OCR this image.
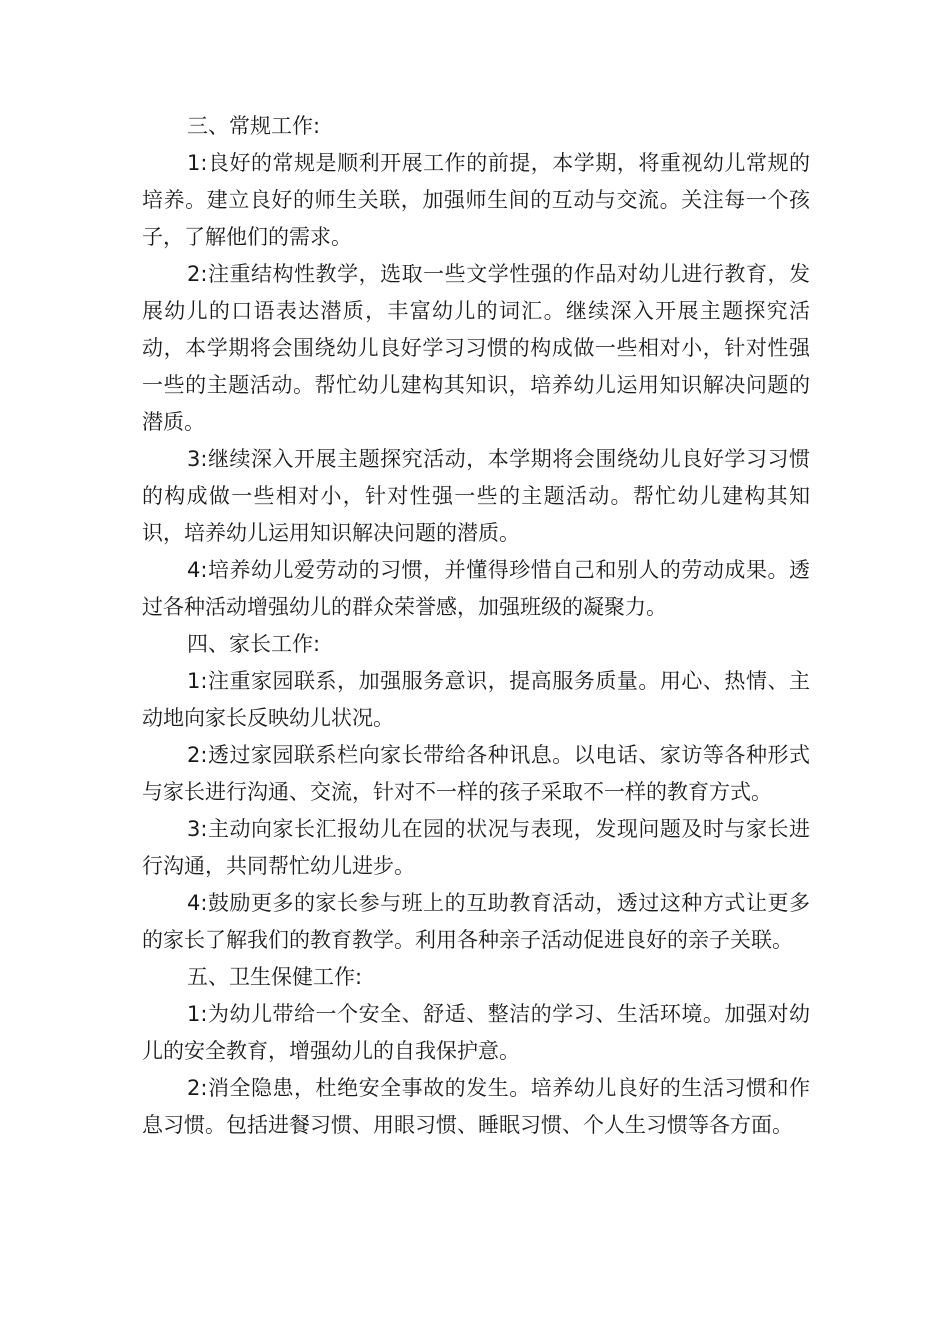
三、常规工作:

1:良好的常规是顺利开展工作的前提，本学期，将重视幼儿常规的培养。建立良好的师生关联，加强师生间的互动与交流。关注每一个孩子，了解他们的需求。

2:注重结构性教学，选取一些文学性强的作品对幼儿进行教育，发展幼儿的口语表达潜质，丰富幼儿的词汇。继续深入开展主题探究活动，本学期将会围绕幼儿良好学习习惯的构成做一些相对小，针对性强一些的主题活动。帮忙幼儿建构其知识，培养幼儿运用知识解决问题的潜质。

3:继续深入开展主题探究活动，本学期将会围绕幼儿良好学习习惯的构成做一些相对小，针对性强一些的主题活动。帮忙幼儿建构其知识，培养幼儿运用知识解决问题的潜质。

4:培养幼儿爱劳动的习惯，并懂得珍惜自己和别人的劳动成果。透过各种活动增强幼儿的群众荣誉感，加强班级的凝聚力。

四、家长工作:

1:注重家园联系，加强服务意识，提高服务质量。用心、热情、主动地向家长反映幼儿状况。

2:透过家园联系栏向家长带给各种讯息。以电话、家访等各种形式与家长进行沟通、交流，针对不一样的孩子采取不一样的教育方式。

3:主动向家长汇报幼儿在园的状况与表现，发现问题及时与家长进行沟通，共同帮忙幼儿进步。

4:鼓励更多的家长参与班上的互助教育活动，透过这种方式让更多的家长了解我们的教育教学。利用各种亲子活动促进良好的亲子关联。

五、卫生保健工作:

1:为幼儿带给一个安全、舒适、整洁的学习、生活环境。加强对幼儿的安全教育，增强幼儿的自我保护意。

2:消全隐患，杜绝安全事故的发生。培养幼儿良好的生活习惯和作息习惯。包括进餐习惯、用眼习惯、睡眠习惯、个人生习惯等各方面。
